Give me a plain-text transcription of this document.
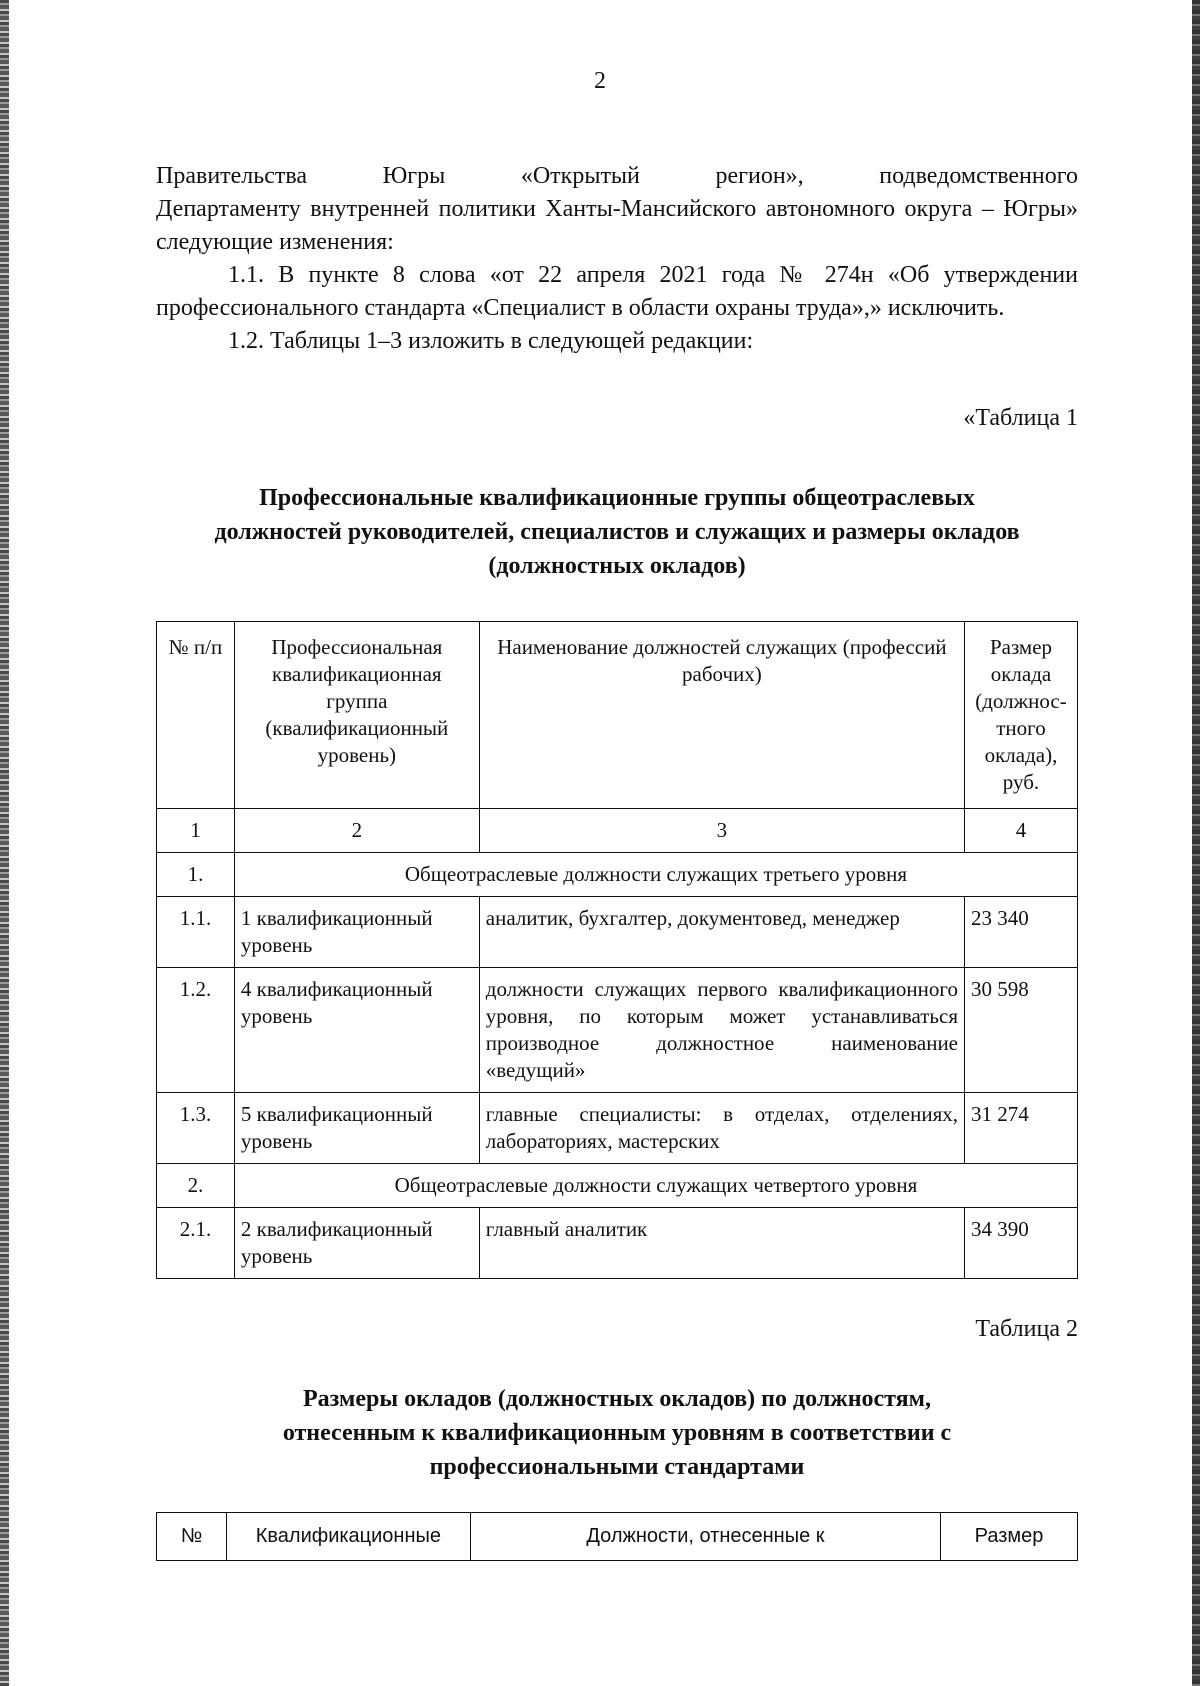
2

Правительства Югры «Открытый регион», подведомственного

Департаменту внутренней политики Ханты-Мансийского автономного округа – Югры» следующие изменения:

1.1. В пункте 8 слова «от 22 апреля 2021 года № 274н «Об утверждении профессионального стандарта «Специалист в области охраны труда»,» исключить.

1.2. Таблицы 1–3 изложить в следующей редакции:

«Таблица 1

Профессиональные квалификационные группы общеотраслевых должностей руководителей, специалистов и служащих и размеры окладов (должностных окладов)

№ п/п	Профессиональная квалификационная группа (квалификационный уровень)	Наименование должностей служащих (профессий рабочих)	Размер оклада (должностного оклада), руб.
1	2	3	4
1.	Общеотраслевые должности служащих третьего уровня		
1.1.	1 квалификационный уровень	аналитик, бухгалтер, документовед, менеджер	23 340
1.2.	4 квалификационный уровень	должности служащих первого квалификационного уровня, по которым может устанавливаться производное должностное наименование «ведущий»	30 598
1.3.	5 квалификационный уровень	главные специалисты: в отделах, отделениях, лабораториях, мастерских	31 274
2.	Общеотраслевые должности служащих четвертого уровня		
2.1.	2 квалификационный уровень	главный аналитик	34 390

Таблица 2

Размеры окладов (должностных окладов) по должностям, отнесенным к квалификационным уровням в соответствии с профессиональными стандартами

№	Квалификационные	Должности, отнесенные к	Размер
